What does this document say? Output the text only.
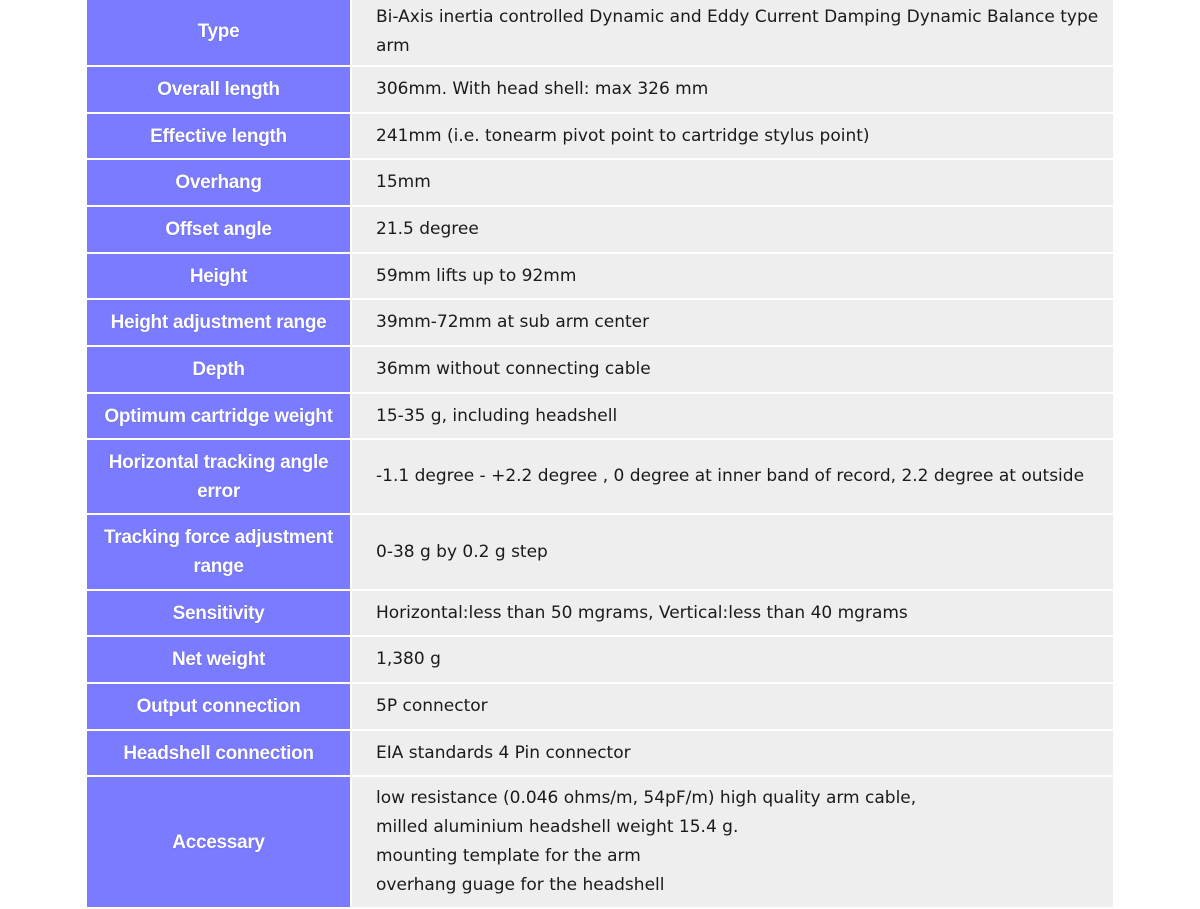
Type	Bi-Axis inertia controlled Dynamic and Eddy Current Damping Dynamic Balance type arm
Overall length	306mm. With head shell: max 326 mm
Effective length	241mm (i.e. tonearm pivot point to cartridge stylus point)
Overhang	15mm
Offset angle	21.5 degree
Height	59mm lifts up to 92mm
Height adjustment range	39mm-72mm at sub arm center
Depth	36mm without connecting cable
Optimum cartridge weight	15-35 g, including headshell
Horizontal tracking angle error	-1.1 degree - +2.2 degree , 0 degree at inner band of record, 2.2 degree at outside
Tracking force adjustment range	0-38 g by 0.2 g step
Sensitivity	Horizontal:less than 50 mgrams, Vertical:less than 40 mgrams
Net weight	1,380 g
Output connection	5P connector
Headshell connection	EIA standards 4 Pin connector
Accessary	low resistance (0.046 ohms/m, 54pF/m) high quality arm cable,
milled aluminium headshell weight 15.4 g.
mounting template for the arm
overhang guage for the headshell
